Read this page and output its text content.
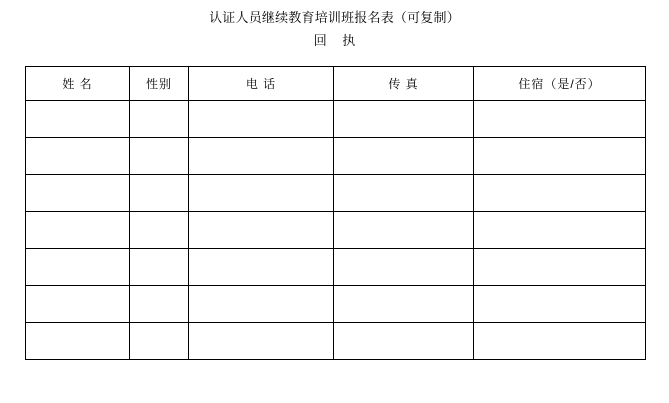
认证人员继续教育培训班报名表（可复制）
回 执
姓 名	性别	电 话	传 真	住宿（是/否）
